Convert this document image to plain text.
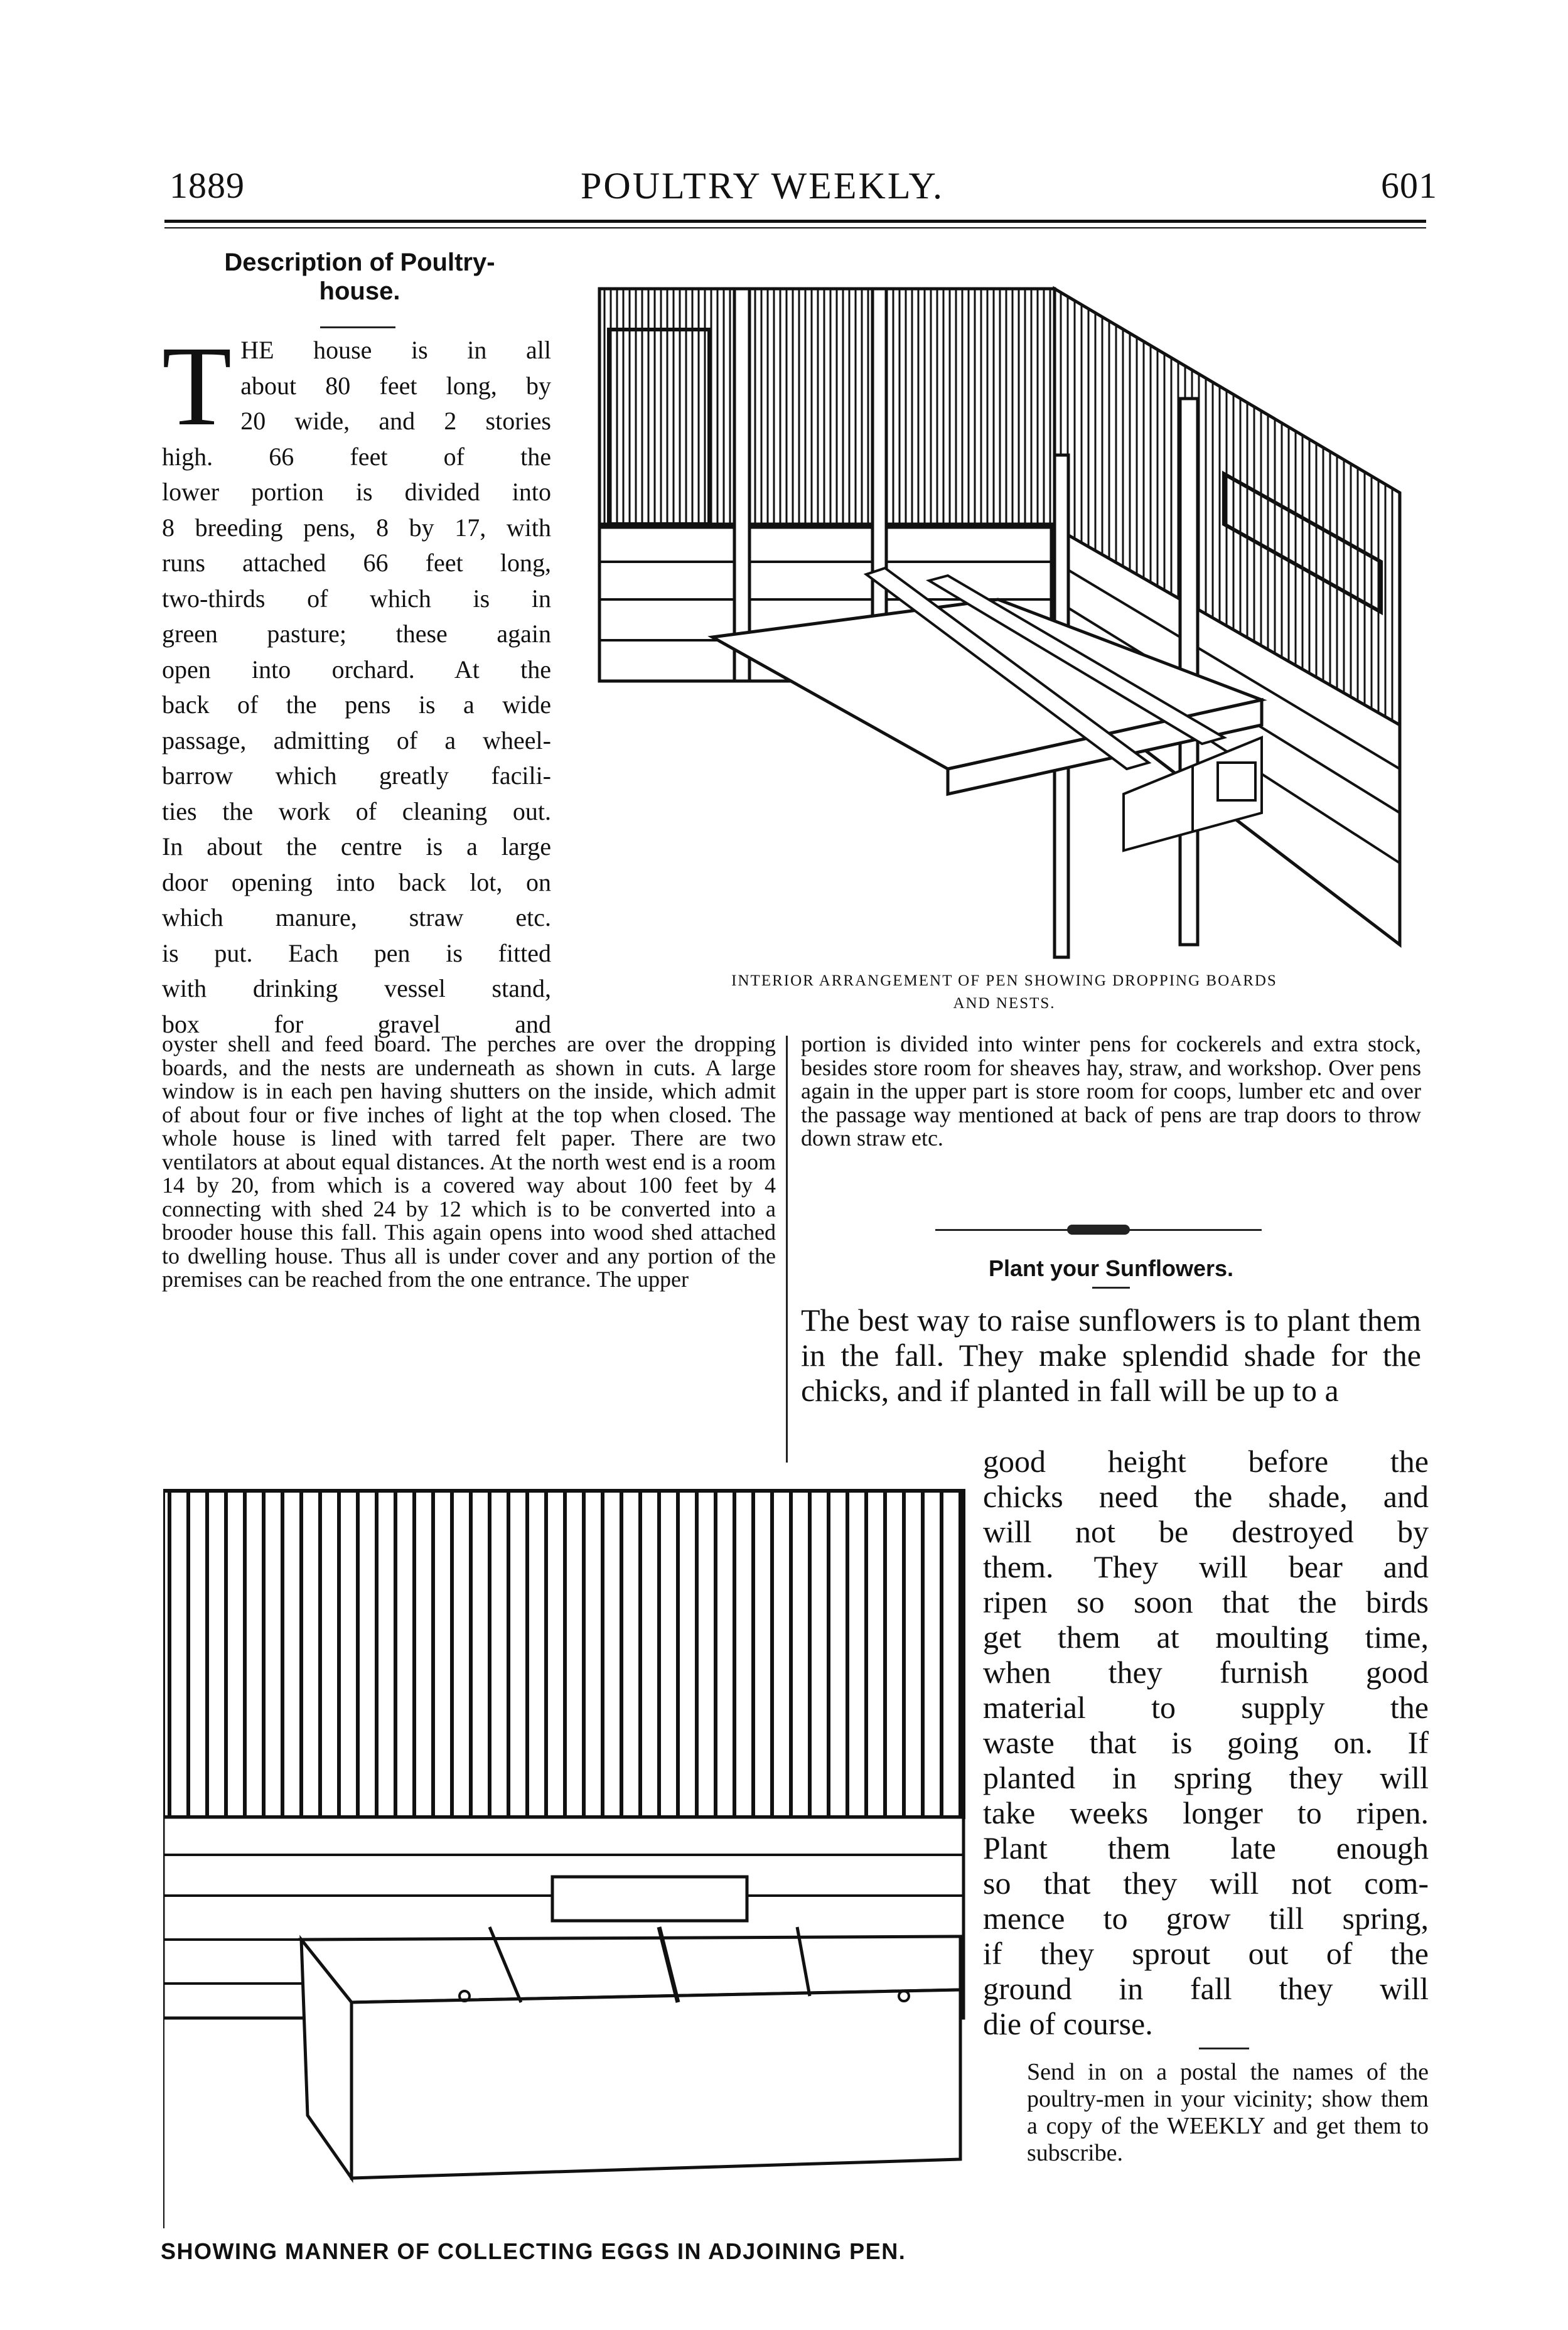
1889	POULTRY WEEKLY.	601
Description of Poultry-
house.
T HE house is in all
about 80 feet long, by
20 wide, and 2 stories
high. 66 feet of the
lower portion is divided into
8 breeding pens, 8 by 17, with
runs attached 66 feet long,
two-thirds of which is in
green pasture; these again
open into orchard. At the
back of the pens is a wide
passage, admitting of a wheel-
barrow which greatly facili-
ties the work of cleaning out.
In about the centre is a large
door opening into back lot, on
which manure, straw etc.
is put. Each pen is fitted
with drinking vessel stand,
box for gravel and
INTERIOR ARRANGEMENT OF PEN SHOWING DROPPING BOARDS
AND NESTS.
oyster shell and feed board. The perches are over the dropping boards, and the nests are underneath as shown in cuts. A large window is in each pen having shutters on the inside, which admit of about four or five inches of light at the top when closed. The whole house is lined with tarred felt paper. There are two ventilators at about equal distances. At the north west end is a room 14 by 20, from which is a covered way about 100 feet by 4 connecting with shed 24 by 12 which is to be converted into a brooder house this fall. This again opens into wood shed attached to dwelling house. Thus all is under cover and any portion of the premises can be reached from the one entrance. The upper
portion is divided into winter pens for cockerels and extra stock, besides store room for sheaves hay, straw, and workshop. Over pens again in the upper part is store room for coops, lumber etc and over the passage way mentioned at back of pens are trap doors to throw down straw etc.
Plant your Sunflowers.
The best way to raise sunflowers is to plant them in the fall. They make splendid shade for the chicks, and if planted in fall will be up to a
good height before the
chicks need the shade, and
will not be destroyed by
them. They will bear and
ripen so soon that the birds
get them at moulting time,
when they furnish good
material to supply the
waste that is going on. If
planted in spring they will
take weeks longer to ripen.
Plant them late enough
so that they will not com-
mence to grow till spring,
if they sprout out of the
ground in fall they will
die of course.
Send in on a postal the names of the poultry-men in your vicinity; show them a copy of the WEEKLY and get them to subscribe.
SHOWING MANNER OF COLLECTING EGGS IN ADJOINING PEN.
